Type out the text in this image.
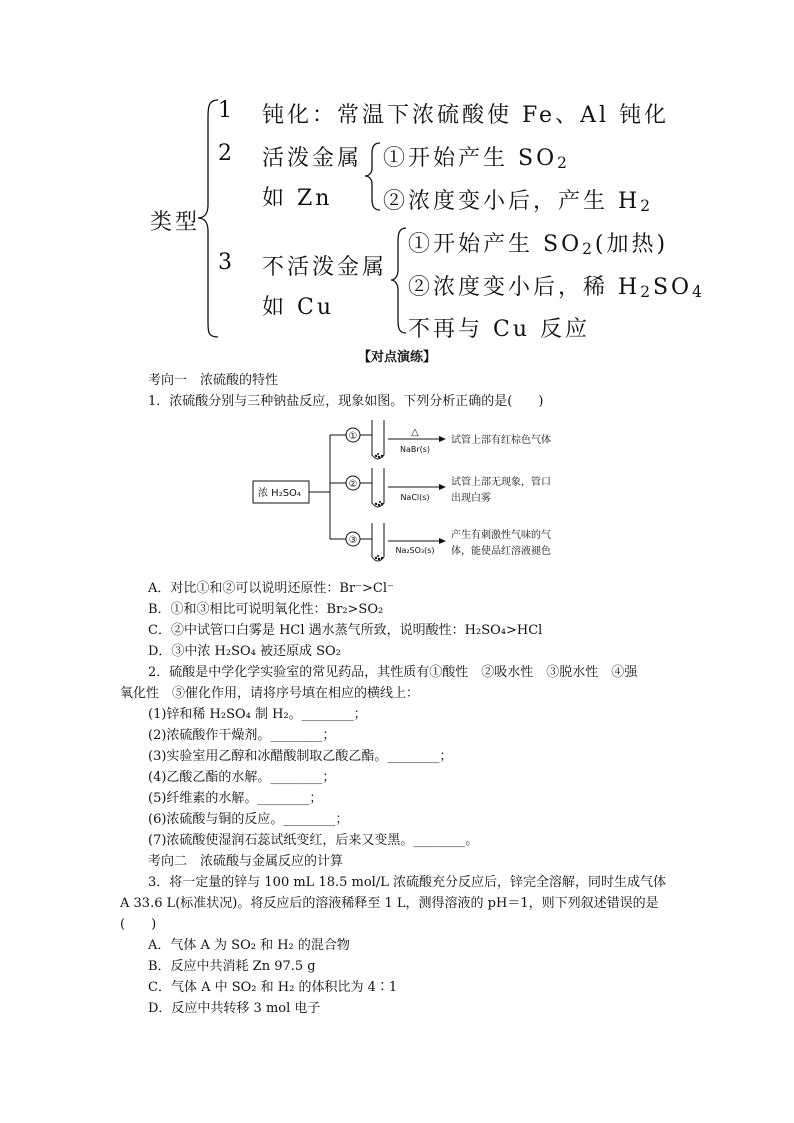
类型
1 钝化：常温下浓硫酸使 Fe、Al 钝化
2 活泼金属
如 Zn
①开始产生 $SO_2$
②浓度变小后，产生 $H_2$
3 不活泼金属
如 Cu
①开始产生 $SO_2$(加热)
②浓度变小后，稀 $H_2SO_4$
不再与 Cu 反应
【对点演练】
考向一　浓硫酸的特性
1．浓硫酸分别与三种钠盐反应，现象如图。下列分析正确的是(　　)
浓 H₂SO₄
①
②
③
△
NaBr(s)
NaCl(s)
Na₂SO₃(s)
试管上部有红棕色气体
试管上部无现象，管口
出现白雾
产生有刺激性气味的气
体，能使品红溶液褪色
A．对比①和②可以说明还原性：Br⁻>Cl⁻
B．①和③相比可说明氧化性：Br₂>SO₂
C．②中试管口白雾是 HCl 遇水蒸气所致，说明酸性：H₂SO₄>HCl
D．③中浓 H₂SO₄ 被还原成 SO₂
2．硫酸是中学化学实验室的常见药品，其性质有①酸性　②吸水性　③脱水性　④强
氧化性　⑤催化作用，请将序号填在相应的横线上：
(1)锌和稀 H₂SO₄ 制 H₂。________；
(2)浓硫酸作干燥剂。________；
(3)实验室用乙醇和冰醋酸制取乙酸乙酯。________；
(4)乙酸乙酯的水解。________；
(5)纤维素的水解。________；
(6)浓硫酸与铜的反应。________；
(7)浓硫酸使湿润石蕊试纸变红，后来又变黑。________。
考向二　浓硫酸与金属反应的计算
3．将一定量的锌与 100 mL 18.5 mol/L 浓硫酸充分反应后，锌完全溶解，同时生成气体
A 33.6 L(标准状况)。将反应后的溶液稀释至 1 L，测得溶液的 pH＝1，则下列叙述错误的是
(　　)
A．气体 A 为 SO₂ 和 H₂ 的混合物
B．反应中共消耗 Zn 97.5 g
C．气体 A 中 SO₂ 和 H₂ 的体积比为 4∶1
D．反应中共转移 3 mol 电子
